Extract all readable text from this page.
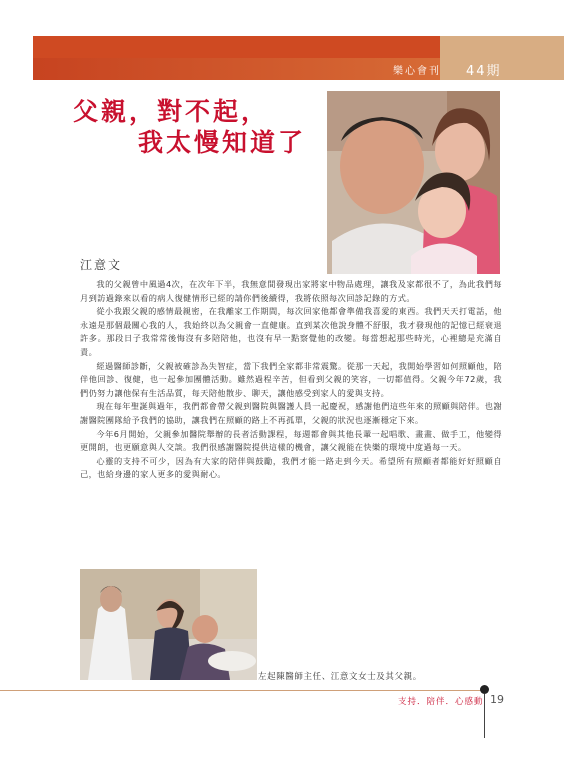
樂心會刊 44期
父親，對不起，
我太慢知道了
江意文

我的父親曾中風過4次，在次年下半，我無意間發現出家將家中物品處理，讓我及家都很不了，為此我們每月到訪過錄來以看的病人復健情形已經的請你們後續得，我將依照每次回診記錄的方式。

從小我跟父親的感情最親密，在我離家工作期間，每次回家他都會準備我喜愛的東西。我們天天打電話，他永遠是那個最關心我的人，我始終以為父親會一直健康。直到某次他說身體不舒服，我才發現他的記憶已經衰退許多。那段日子我常常後悔沒有多陪陪他，也沒有早一點察覺他的改變。每當想起那些時光，心裡總是充滿自責。

經過醫師診斷，父親被確診為失智症，當下我們全家都非常震驚。從那一天起，我開始學習如何照顧他，陪伴他回診、復健，也一起參加團體活動。雖然過程辛苦，但看到父親的笑容，一切都值得。父親今年72歲，我們仍努力讓他保有生活品質，每天陪他散步、聊天，讓他感受到家人的愛與支持。

現在每年聖誕與過年，我們都會帶父親到醫院與醫護人員一起慶祝，感謝他們這些年來的照顧與陪伴。也謝謝醫院團隊給予我們的協助，讓我們在照顧的路上不再孤單，父親的狀況也逐漸穩定下來。

今年6月開始，父親參加醫院舉辦的長者活動課程，每週都會與其他長輩一起唱歌、畫畫、做手工，他變得更開朗，也更願意與人交談。我們很感謝醫院提供這樣的機會，讓父親能在快樂的環境中度過每一天。

心靈的支持不可少，因為有大家的陪伴與鼓勵，我們才能一路走到今天。希望所有照顧者都能好好照顧自己，也給身邊的家人更多的愛與耐心。

左起陳醫師主任、江意文女士及其父親。
支持．陪伴．心感動 19
